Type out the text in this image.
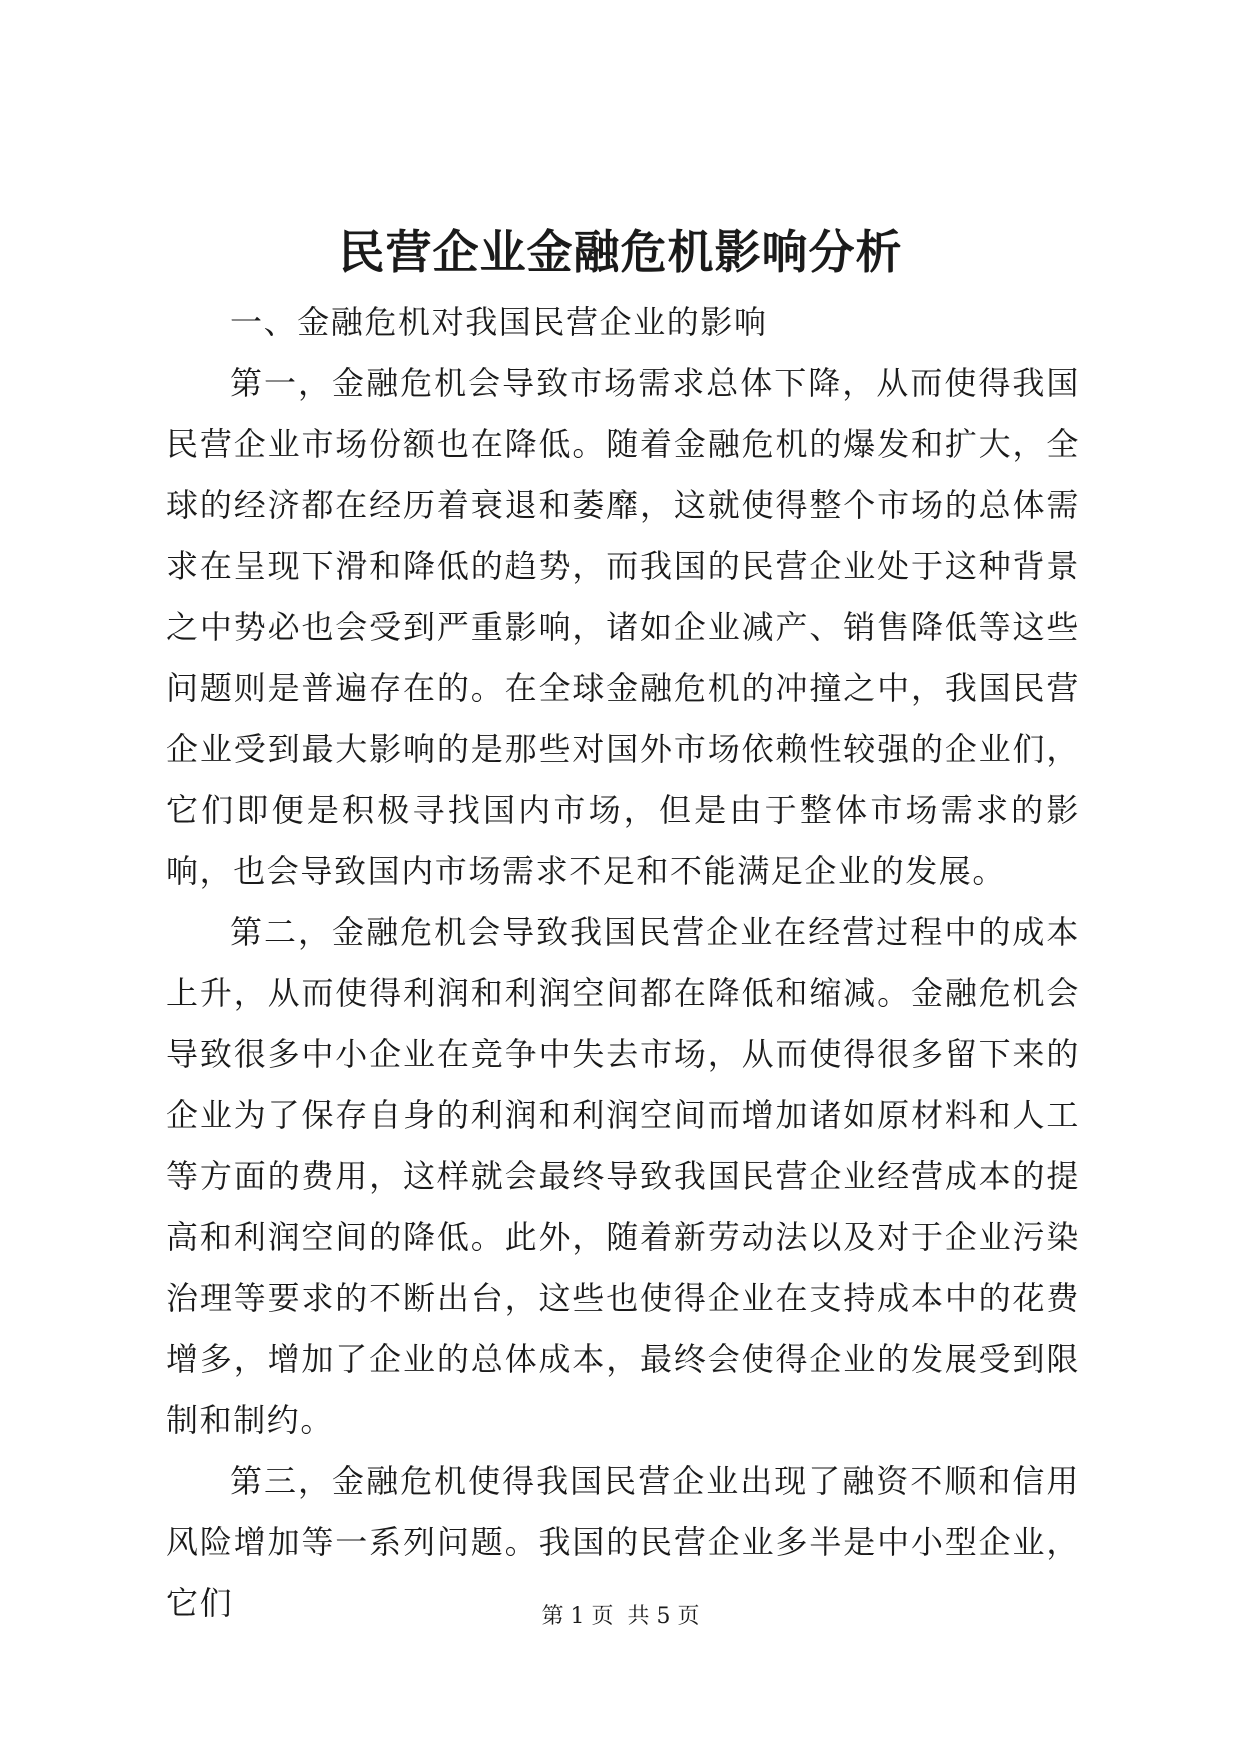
民营企业金融危机影响分析

一、金融危机对我国民营企业的影响

第一，金融危机会导致市场需求总体下降，从而使得我国民营企业市场份额也在降低。随着金融危机的爆发和扩大，全球的经济都在经历着衰退和萎靡，这就使得整个市场的总体需求在呈现下滑和降低的趋势，而我国的民营企业处于这种背景之中势必也会受到严重影响，诸如企业减产、销售降低等这些问题则是普遍存在的。在全球金融危机的冲撞之中，我国民营企业受到最大影响的是那些对国外市场依赖性较强的企业们，它们即便是积极寻找国内市场，但是由于整体市场需求的影响，也会导致国内市场需求不足和不能满足企业的发展。

第二，金融危机会导致我国民营企业在经营过程中的成本上升，从而使得利润和利润空间都在降低和缩减。金融危机会导致很多中小企业在竞争中失去市场，从而使得很多留下来的企业为了保存自身的利润和利润空间而增加诸如原材料和人工等方面的费用，这样就会最终导致我国民营企业经营成本的提高和利润空间的降低。此外，随着新劳动法以及对于企业污染治理等要求的不断出台，这些也使得企业在支持成本中的花费增多，增加了企业的总体成本，最终会使得企业的发展受到限制和制约。

第三，金融危机使得我国民营企业出现了融资不顺和信用风险增加等一系列问题。我国的民营企业多半是中小型企业，它们	第 1 页 共 5 页
